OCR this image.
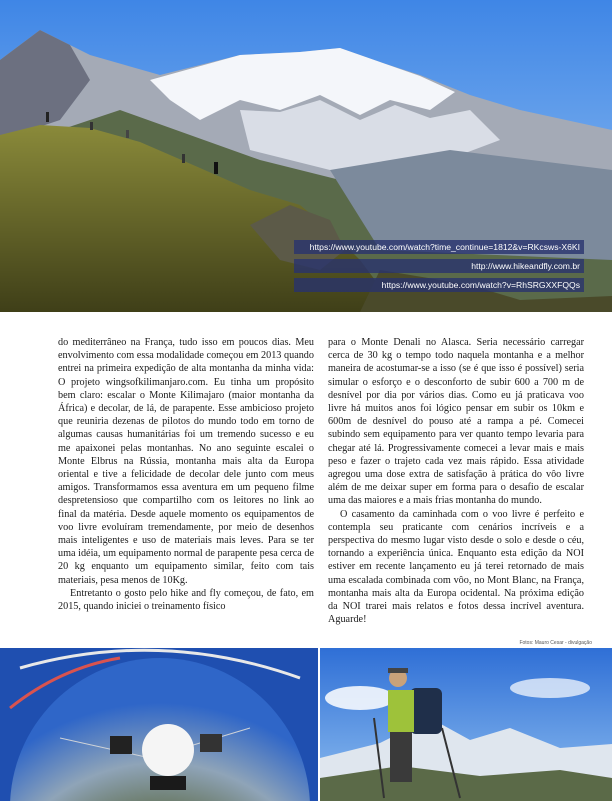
https://www.youtube.com/watch?time_continue=1812&v=RKcsws-X6KI
http://www.hikeandfly.com.br
https://www.youtube.com/watch?v=RhSRGXXFQQs

do mediterrâneo na França, tudo isso em poucos dias. Meu envolvimento com essa modalidade começou em 2013 quando entrei na primeira expedição de alta montanha da minha vida: O projeto wingsofkilimanjaro.com. Eu tinha um propósito bem claro: escalar o Monte Kilimajaro (maior montanha da África) e decolar, de lá, de parapente. Esse ambicioso projeto que reuniria dezenas de pilotos do mundo todo em torno de algumas causas humanitárias foi um tremendo sucesso e eu me apaixonei pelas montanhas. No ano seguinte escalei o Monte Elbrus na Rússia, montanha mais alta da Europa oriental e tive a felicidade de decolar dele junto com meus amigos. Transformamos essa aventura em um pequeno filme despretensioso que compartilho com os leitores no link ao final da matéria. Desde aquele momento os equipamentos de voo livre evoluíram tremendamente, por meio de desenhos mais inteligentes e uso de materiais mais leves. Para se ter uma idéia, um equipamento normal de parapente pesa cerca de 20 kg enquanto um equipamento similar, feito com tais materiais, pesa menos de 10Kg.

Entretanto o gosto pelo hike and fly começou, de fato, em 2015, quando iniciei o treinamento físico

para o Monte Denali no Alasca. Seria necessário carregar cerca de 30 kg o tempo todo naquela montanha e a melhor maneira de acostumar-se a isso (se é que isso é possível) seria simular o esforço e o desconforto de subir 600 a 700 m de desnível por dia por vários dias. Como eu já praticava voo livre há muitos anos foi lógico pensar em subir os 10km e 600m de desnível do pouso até a rampa a pé. Comecei subindo sem equipamento para ver quanto tempo levaria para chegar até lá. Progressivamente comecei a levar mais e mais peso e fazer o trajeto cada vez mais rápido. Essa atividade agregou uma dose extra de satisfação à prática do vôo livre além de me deixar super em forma para o desafio de escalar uma das maiores e a mais frias montanha do mundo.

O casamento da caminhada com o voo livre é perfeito e contempla seu praticante com cenários incríveis e a perspectiva do mesmo lugar visto desde o solo e desde o céu, tornando a experiência única. Enquanto esta edição da NOI estiver em recente lançamento eu já terei retornado de mais uma escalada combinada com vôo, no Mont Blanc, na França, montanha mais alta da Europa ocidental. Na próxima edição da NOI trarei mais relatos e fotos dessa incrível aventura. Aguarde!

Fotos: Mauro Cesar - divulgação
